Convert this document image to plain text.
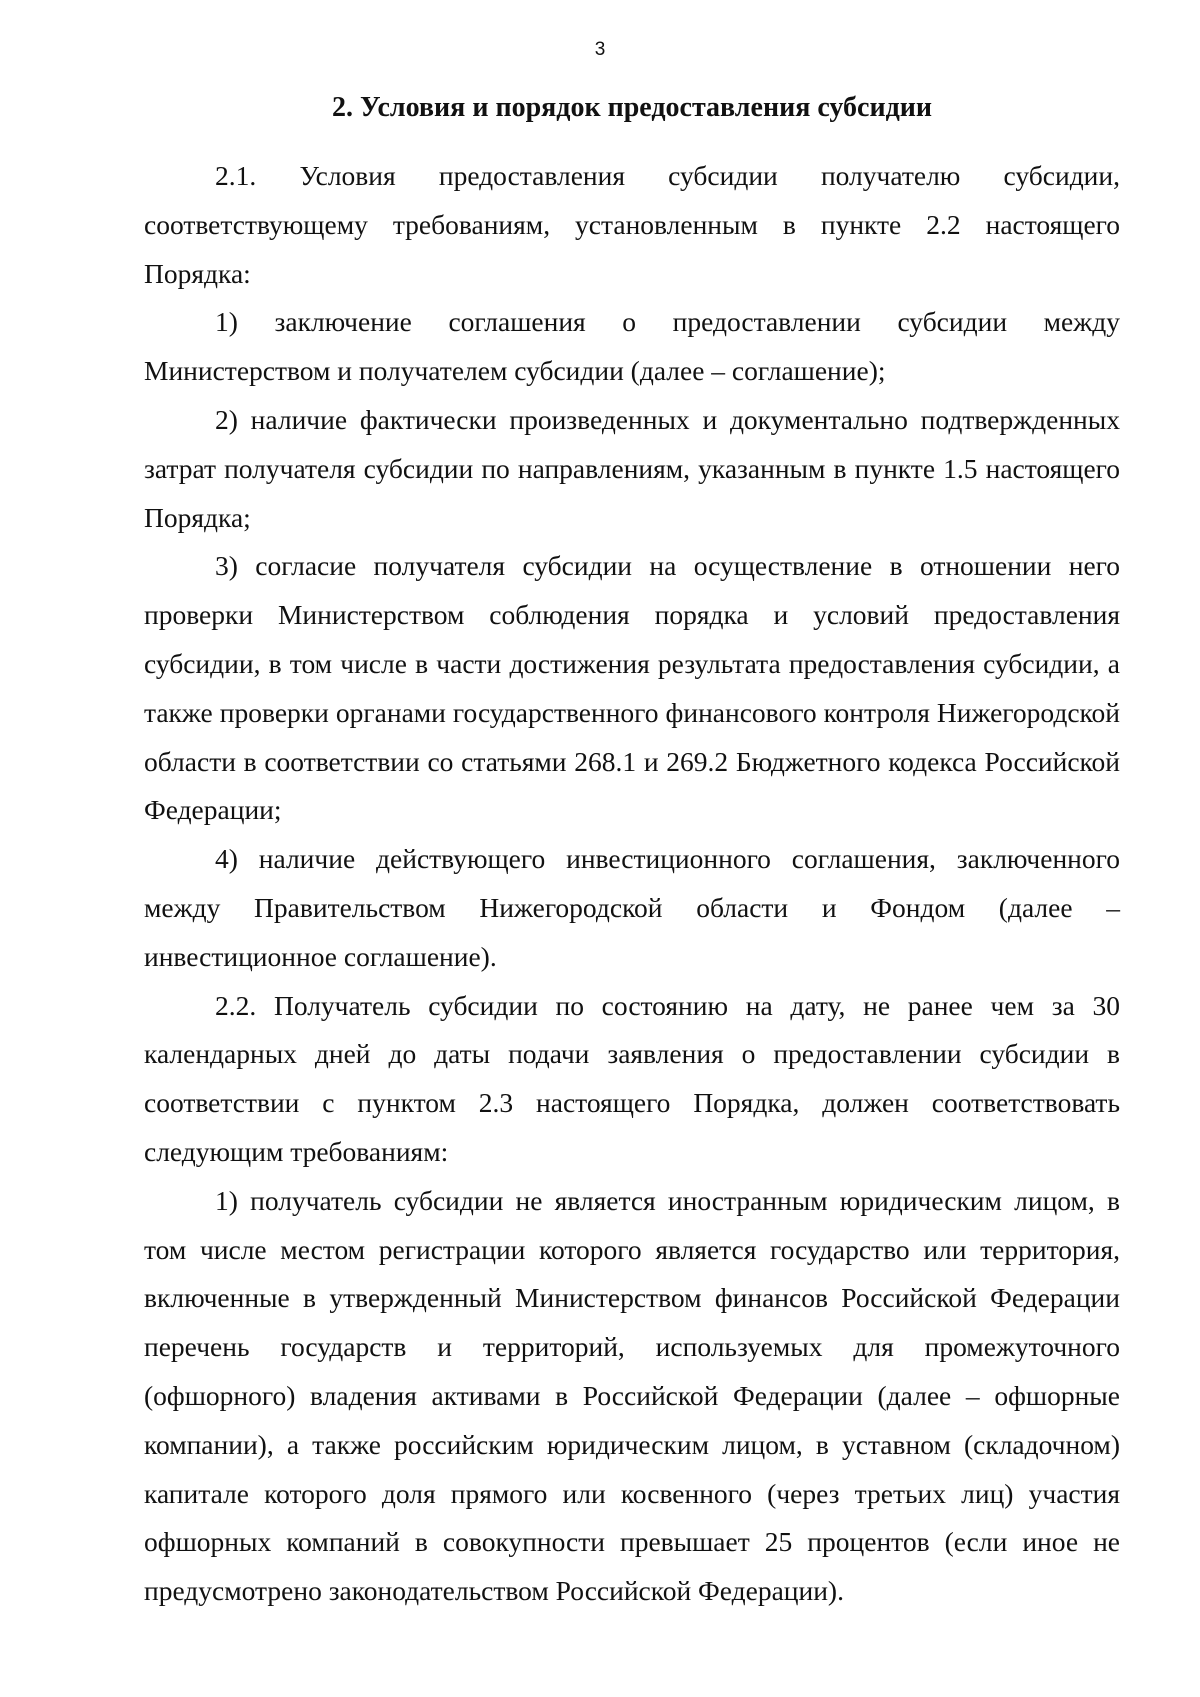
3
2. Условия и порядок предоставления субсидии

2.1. Условия предоставления субсидии получателю субсидии, соответствующему требованиям, установленным в пункте 2.2 настоящего Порядка:

1) заключение соглашения о предоставлении субсидии между Министерством и получателем субсидии (далее – соглашение);

2) наличие фактически произведенных и документально подтвержденных затрат получателя субсидии по направлениям, указанным в пункте 1.5 настоящего Порядка;

3) согласие получателя субсидии на осуществление в отношении него проверки Министерством соблюдения порядка и условий предоставления субсидии, в том числе в части достижения результата предоставления субсидии, а также проверки органами государственного финансового контроля Нижегородской области в соответствии со статьями 268.1 и 269.2 Бюджетного кодекса Российской Федерации;

4) наличие действующего инвестиционного соглашения, заключенного между Правительством Нижегородской области и Фондом (далее – инвестиционное соглашение).

2.2. Получатель субсидии по состоянию на дату, не ранее чем за 30 календарных дней до даты подачи заявления о предоставлении субсидии в соответствии с пунктом 2.3 настоящего Порядка, должен соответствовать следующим требованиям:

1) получатель субсидии не является иностранным юридическим лицом, в том числе местом регистрации которого является государство или территория, включенные в утвержденный Министерством финансов Российской Федерации перечень государств и территорий, используемых для промежуточного (офшорного) владения активами в Российской Федерации (далее – офшорные компании), а также российским юридическим лицом, в уставном (складочном) капитале которого доля прямого или косвенного (через третьих лиц) участия офшорных компаний в совокупности превышает 25 процентов (если иное не предусмотрено законодательством Российской Федерации).
